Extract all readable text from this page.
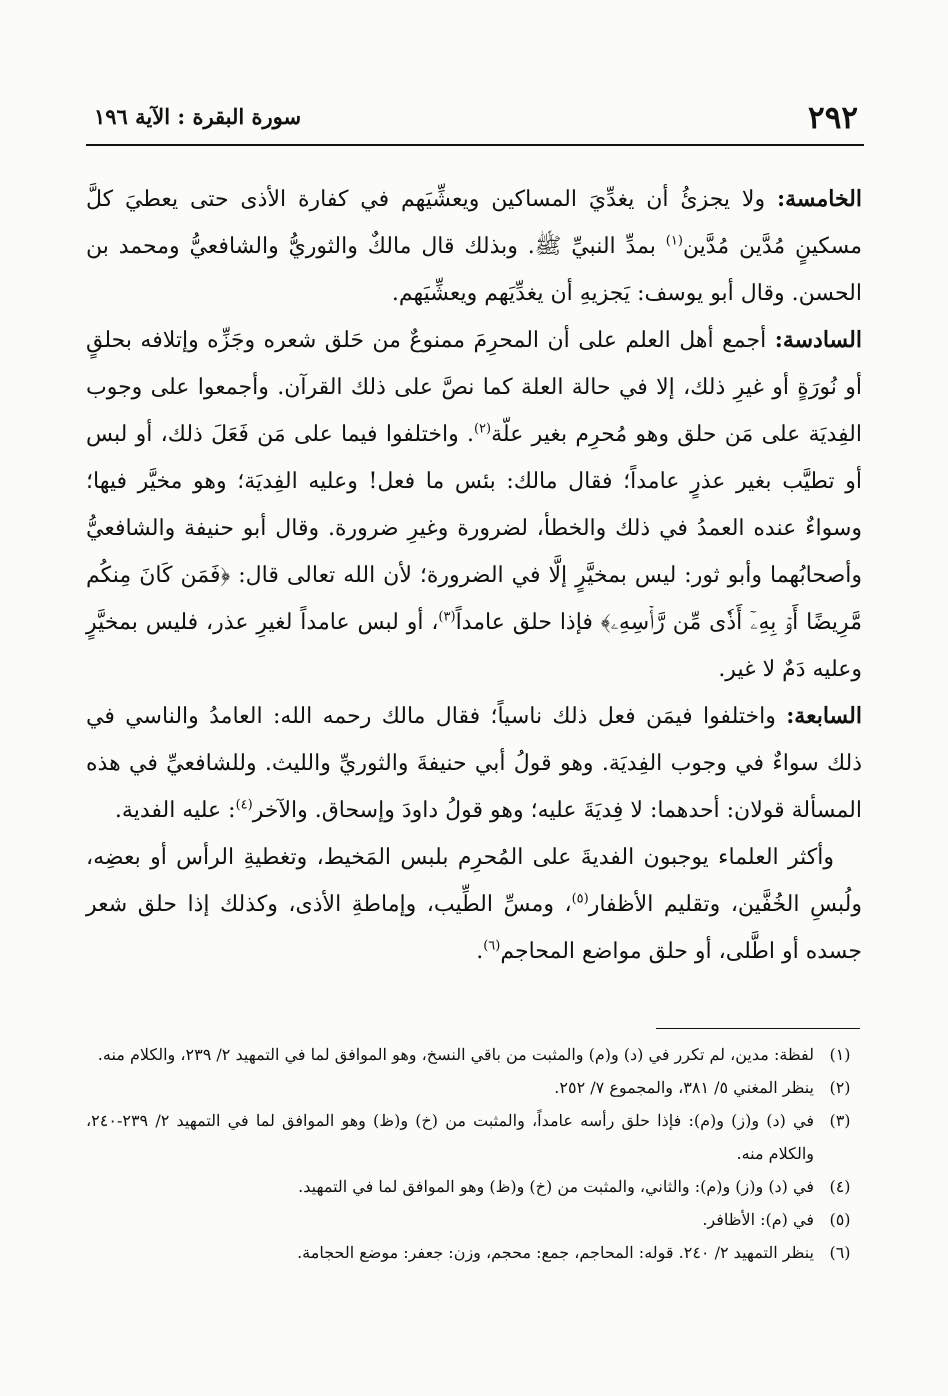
٢٩٢
سورة البقرة : الآية ١٩٦

الخامسة: ولا يجزئُ أن يغدِّيَ المساكين ويعشِّيَهم في كفارة الأذى حتى يعطيَ كلَّ مسكينٍ مُدَّين مُدَّين$^{(١)}$ بمدِّ النبيِّ ﷺ. وبذلك قال مالكٌ والثوريُّ والشافعيُّ ومحمد بن الحسن. وقال أبو يوسف: يَجزيهِ أن يغدِّيَهم ويعشِّيَهم.

السادسة: أجمع أهل العلم على أن المحرِمَ ممنوعٌ من حَلق شعره وجَزِّه وإتلافه بحلقٍ أو نُورَةٍ أو غيرِ ذلك، إلا في حالة العلة كما نصَّ على ذلك القرآن. وأجمعوا على وجوب الفِديَة على مَن حلق وهو مُحرِم بغير علّة$^{(٢)}$. واختلفوا فيما على مَن فَعَلَ ذلك، أو لبس أو تطيَّب بغير عذرٍ عامداً؛ فقال مالك: بئس ما فعل! وعليه الفِديَة؛ وهو مخيَّر فيها؛ وسواءٌ عنده العمدُ في ذلك والخطأ، لضرورة وغيرِ ضرورة. وقال أبو حنيفة والشافعيُّ وأصحابُهما وأبو ثور: ليس بمخيَّرٍ إلَّا في الضرورة؛ لأن الله تعالى قال: ﴿فَمَن كَانَ مِنكُم مَّرِيضًا أَوۡ بِهِۦٓ أَذٗى مِّن رَّأۡسِهِۦ﴾ فإذا حلق عامداً$^{(٣)}$، أو لبس عامداً لغيرِ عذر، فليس بمخيَّرٍ وعليه دَمٌ لا غير.

السابعة: واختلفوا فيمَن فعل ذلك ناسياً؛ فقال مالك رحمه الله: العامدُ والناسي في ذلك سواءٌ في وجوب الفِديَة. وهو قولُ أبي حنيفةَ والثوريِّ والليث. وللشافعيِّ في هذه المسألة قولان: أحدهما: لا فِديَةَ عليه؛ وهو قولُ داودَ وإسحاق. والآخر$^{(٤)}$: عليه الفدية.

وأكثر العلماء يوجبون الفديةَ على المُحرِم بلبس المَخيط، وتغطيةِ الرأس أو بعضِه، ولُبسِ الخُفَّين، وتقليم الأظفار$^{(٥)}$، ومسِّ الطِّيب، وإماطةِ الأذى، وكذلك إذا حلق شعر جسده أو اطَّلى، أو حلق مواضع المحاجم$^{(٦)}$.

(١)
لفظة: مدين، لم تكرر في (د) و(م) والمثبت من باقي النسخ، وهو الموافق لما في التمهيد ٢/ ٢٣٩، والكلام منه.

(٢)
ينظر المغني ٥/ ٣٨١، والمجموع ٧/ ٢٥٢.

(٣)
في (د) و(ز) و(م): فإذا حلق رأسه عامداً، والمثبت من (خ) و(ظ) وهو الموافق لما في التمهيد ٢/ ٢٣٩-٢٤٠، والكلام منه.

(٤)
في (د) و(ز) و(م): والثاني، والمثبت من (خ) و(ظ) وهو الموافق لما في التمهيد.

(٥)
في (م): الأظافر.

(٦)
ينظر التمهيد ٢/ ٢٤٠. قوله: المحاجم، جمع: محجم، وزن: جعفر: موضع الحجامة.
